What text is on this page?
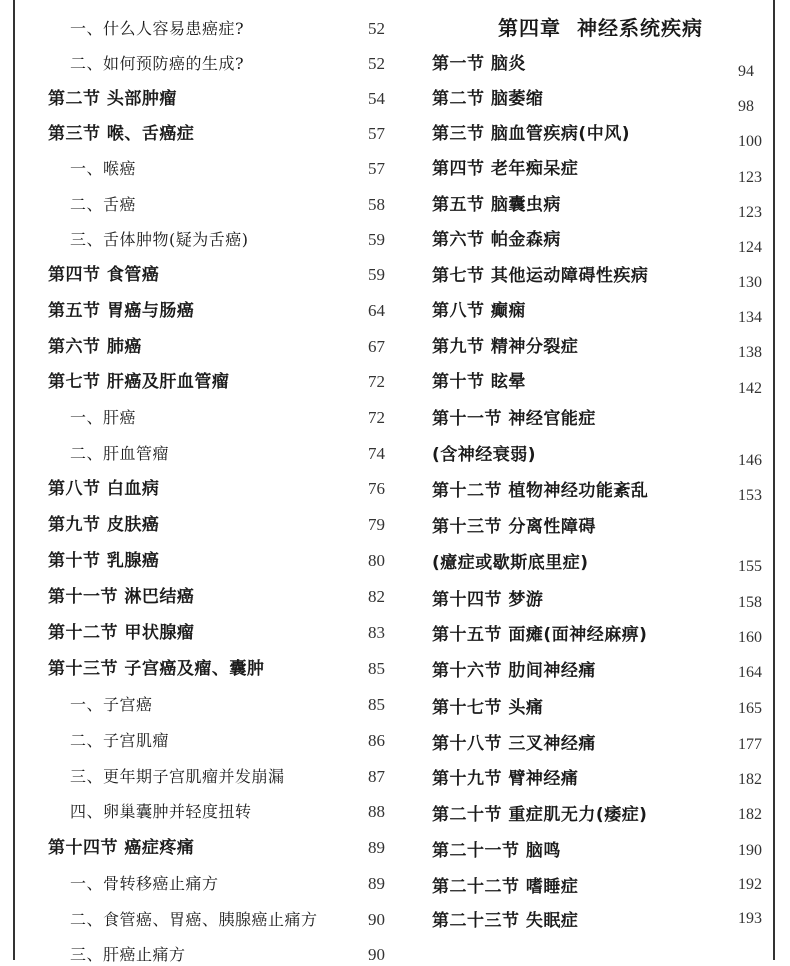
一、什么人容易患癌症?	52
二、如何预防癌的生成?	52
第二节 头部肿瘤	54
第三节 喉、舌癌症	57
一、喉癌	57
二、舌癌	58
三、舌体肿物(疑为舌癌)	59
第四节 食管癌	59
第五节 胃癌与肠癌	64
第六节 肺癌	67
第七节 肝癌及肝血管瘤	72
一、肝癌	72
二、肝血管瘤	74
第八节 白血病	76
第九节 皮肤癌	79
第十节 乳腺癌	80
第十一节 淋巴结癌	82
第十二节 甲状腺瘤	83
第十三节 子宫癌及瘤、囊肿	85
一、子宫癌	85
二、子宫肌瘤	86
三、更年期子宫肌瘤并发崩漏	87
四、卵巢囊肿并轻度扭转	88
第十四节 癌症疼痛	89
一、骨转移癌止痛方	89
二、食管癌、胃癌、胰腺癌止痛方	90
三、肝癌止痛方	90
第四章 神经系统疾病
第一节 脑炎	94
第二节 脑萎缩	98
第三节 脑血管疾病(中风)	100
第四节 老年痴呆症	123
第五节 脑囊虫病	123
第六节 帕金森病	124
第七节 其他运动障碍性疾病	130
第八节 癫痫	134
第九节 精神分裂症	138
第十节 眩晕	142
第十一节 神经官能症
(含神经衰弱)	146
第十二节 植物神经功能紊乱	153
第十三节 分离性障碍
(癔症或歇斯底里症)	155
第十四节 梦游	158
第十五节 面瘫(面神经麻痹)	160
第十六节 肋间神经痛	164
第十七节 头痛	165
第十八节 三叉神经痛	177
第十九节 臂神经痛	182
第二十节 重症肌无力(痿症)	182
第二十一节 脑鸣	190
第二十二节 嗜睡症	192
第二十三节 失眠症	193
